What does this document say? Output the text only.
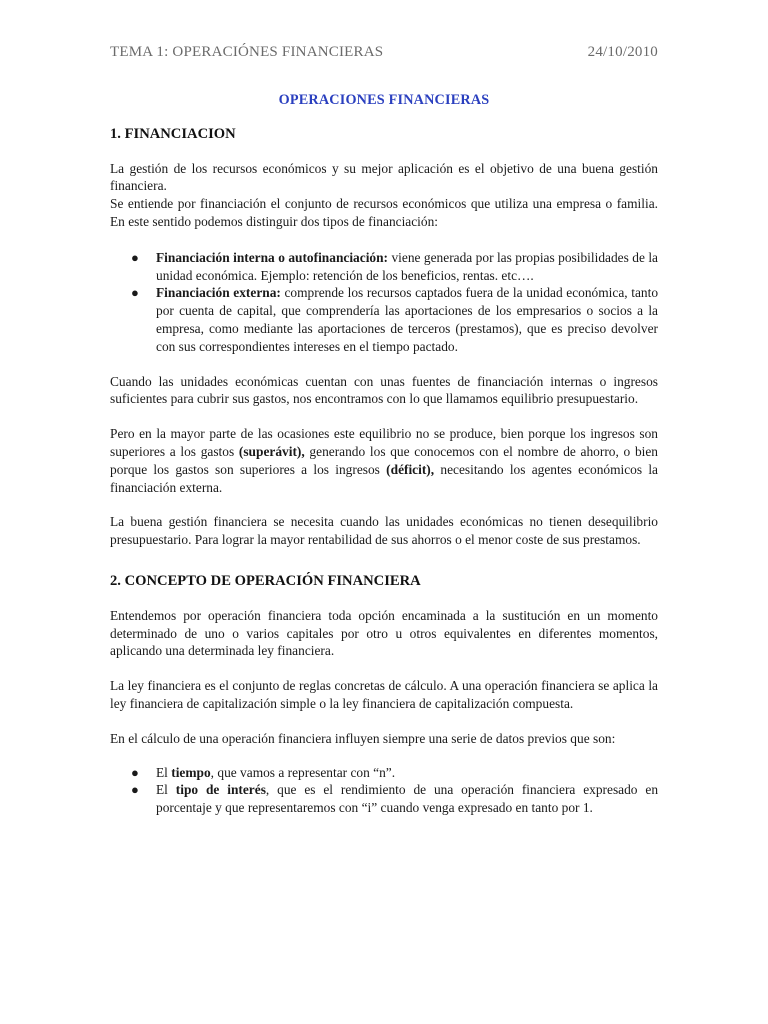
TEMA 1: OPERACIÓNES FINANCIERAS	24/10/2010
OPERACIONES FINANCIERAS
1. FINANCIACION

La gestión de los recursos económicos y su mejor aplicación es el objetivo de una buena gestión financiera.

Se entiende por financiación el conjunto de recursos económicos que utiliza una empresa o familia. En este sentido podemos distinguir dos tipos de financiación:

● Financiación interna o autofinanciación: viene generada por las propias posibilidades de la unidad económica. Ejemplo: retención de los beneficios, rentas. etc….
● Financiación externa: comprende los recursos captados fuera de la unidad económica, tanto por cuenta de capital, que comprendería las aportaciones de los empresarios o socios a la empresa, como mediante las aportaciones de terceros (prestamos), que es preciso devolver con sus correspondientes intereses en el tiempo pactado.

Cuando las unidades económicas cuentan con unas fuentes de financiación internas o ingresos suficientes para cubrir sus gastos, nos encontramos con lo que llamamos equilibrio presupuestario.

Pero en la mayor parte de las ocasiones este equilibrio no se produce, bien porque los ingresos son superiores a los gastos (superávit), generando los que conocemos con el nombre de ahorro, o bien porque los gastos son superiores a los ingresos (déficit), necesitando los agentes económicos la financiación externa.

La buena gestión financiera se necesita cuando las unidades económicas no tienen desequilibrio presupuestario. Para lograr la mayor rentabilidad de sus ahorros o el menor coste de sus prestamos.

2. CONCEPTO DE OPERACIÓN FINANCIERA

Entendemos por operación financiera toda opción encaminada a la sustitución en un momento determinado de uno o varios capitales por otro u otros equivalentes en diferentes momentos, aplicando una determinada ley financiera.

La ley financiera es el conjunto de reglas concretas de cálculo. A una operación financiera se aplica la ley financiera de capitalización simple o la ley financiera de capitalización compuesta.

En el cálculo de una operación financiera influyen siempre una serie de datos previos que son:

● El tiempo, que vamos a representar con “n”.
● El tipo de interés, que es el rendimiento de una operación financiera expresado en porcentaje y que representaremos con “i” cuando venga expresado en tanto por 1.
